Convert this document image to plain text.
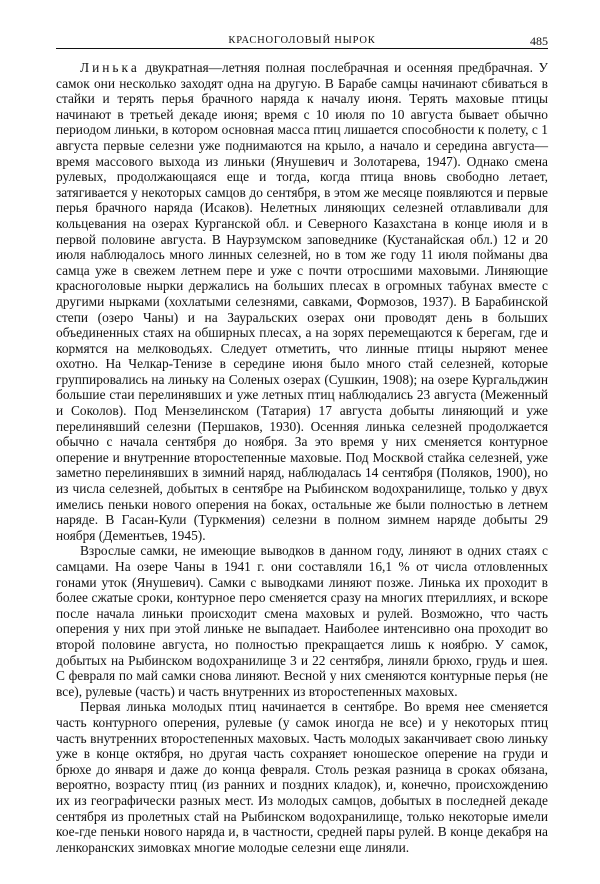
КРАСНОГОЛОВЫЙ НЫРОК	485

Линька двукратная—летняя полная послебрачная и осенняя предбрачная. У самок они несколько заходят одна на другую. В Барабе самцы начинают сбиваться в стайки и терять перья брачного наряда к началу июня. Терять маховые птицы начинают в третьей декаде июня; время с 10 июля по 10 августа бывает обычно периодом линьки, в котором основная масса птиц лишается способности к полету, с 1 августа первые селезни уже поднимаются на крыло, а начало и середина августа—время массового выхода из линьки (Янушевич и Золотарева, 1947). Однако смена рулевых, продолжающаяся еще и тогда, когда птица вновь свободно летает, затягивается у некоторых самцов до сентября, в этом же месяце появляются и первые перья брачного наряда (Исаков). Нелетных линяющих селезней отлавливали для кольцевания на озерах Курганской обл. и Северного Казахстана в конце июля и в первой половине августа. В Наурзумском заповеднике (Кустанайская обл.) 12 и 20 июля наблюдалось много линных селезней, но в том же году 11 июля пойманы два самца уже в свежем летнем пере и уже с почти отросшими маховыми. Линяющие красноголовые нырки держались на больших плесах в огромных табунах вместе с другими нырками (хохлатыми селезнями, савками, Формозов, 1937). В Барабинской степи (озеро Чаны) и на Зауральских озерах они проводят день в больших объединенных стаях на обширных плесах, а на зорях перемещаются к берегам, где и кормятся на мелководьях. Следует отметить, что линные птицы ныряют менее охотно. На Челкар-Тенизе в середине июня было много стай селезней, которые группировались на линьку на Соленых озерах (Сушкин, 1908); на озере Кургальджин большие стаи перелинявших и уже летных птиц наблюдались 23 августа (Меженный и Соколов). Под Мензелинском (Татария) 17 августа добыты линяющий и уже перелинявший селезни (Першаков, 1930). Осенняя линька селезней продолжается обычно с начала сентября до ноября. За это время у них сменяется контурное оперение и внутренние второстепенные маховые. Под Москвой стайка селезней, уже заметно перелинявших в зимний наряд, наблюдалась 14 сентября (Поляков, 1900), но из числа селезней, добытых в сентябре на Рыбинском водохранилище, только у двух имелись пеньки нового оперения на боках, остальные же были полностью в летнем наряде. В Гасан-Кули (Туркмения) селезни в полном зимнем наряде добыты 29 ноября (Дементьев, 1945).

Взрослые самки, не имеющие выводков в данном году, линяют в одних стаях с самцами. На озере Чаны в 1941 г. они составляли 16,1 % от числа отловленных гонами уток (Янушевич). Самки с выводками линяют позже. Линька их проходит в более сжатые сроки, контурное перо сменяется сразу на многих птериллиях, и вскоре после начала линьки происходит смена маховых и рулей. Возможно, что часть оперения у них при этой линьке не выпадает. Наиболее интенсивно она проходит во второй половине августа, но полностью прекращается лишь к ноябрю. У самок, добытых на Рыбинском водохранилище 3 и 22 сентября, линяли брюхо, грудь и шея. С февраля по май самки снова линяют. Весной у них сменяются контурные перья (не все), рулевые (часть) и часть внутренних из второстепенных маховых.

Первая линька молодых птиц начинается в сентябре. Во время нее сменяется часть контурного оперения, рулевые (у самок иногда не все) и у некоторых птиц часть внутренних второстепенных маховых. Часть молодых заканчивает свою линьку уже в конце октября, но другая часть сохраняет юношеское оперение на груди и брюхе до января и даже до конца февраля. Столь резкая разница в сроках обязана, вероятно, возрасту птиц (из ранних и поздних кладок), и, конечно, происхождению их из географически разных мест. Из молодых самцов, добытых в последней декаде сентября из пролетных стай на Рыбинском водохранилище, только некоторые имели кое-где пеньки нового наряда и, в частности, средней пары рулей. В конце декабря на ленкоранских зимовках многие молодые селезни еще линяли.
